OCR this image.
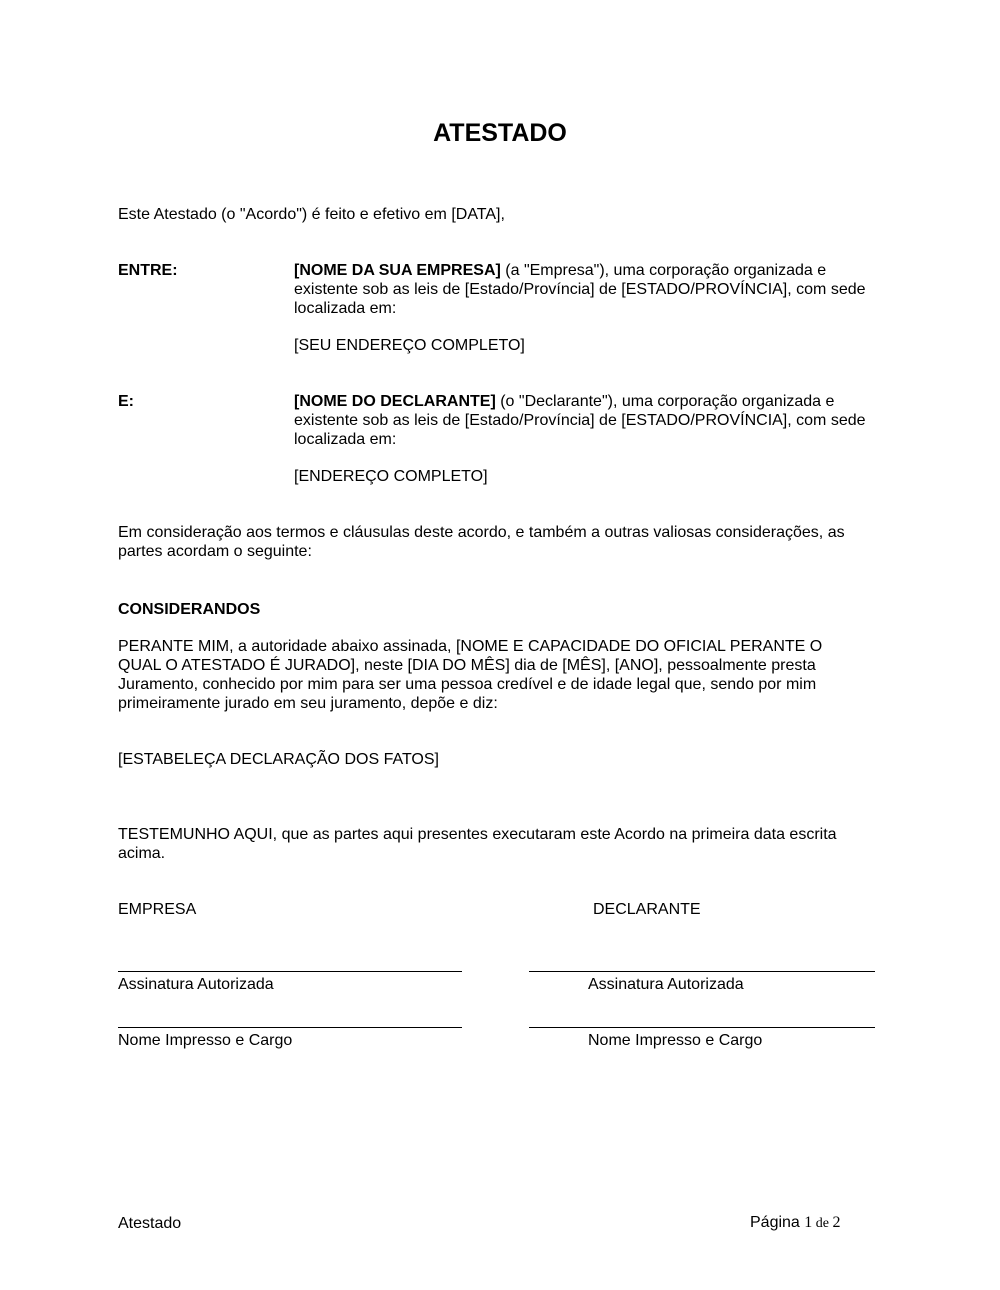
ATESTADO

Este Atestado (o "Acordo") é feito e efetivo em [DATA],

ENTRE:	[NOME DA SUA EMPRESA] (a "Empresa"), uma corporação organizada e existente sob as leis de [Estado/Província] de [ESTADO/PROVÍNCIA], com sede localizada em:

[SEU ENDEREÇO COMPLETO]

E:	[NOME DO DECLARANTE] (o "Declarante"), uma corporação organizada e existente sob as leis de [Estado/Província] de [ESTADO/PROVÍNCIA], com sede localizada em:

[ENDEREÇO COMPLETO]

Em consideração aos termos e cláusulas deste acordo, e também a outras valiosas considerações, as partes acordam o seguinte:

CONSIDERANDOS

PERANTE MIM, a autoridade abaixo assinada, [NOME E CAPACIDADE DO OFICIAL PERANTE O QUAL O ATESTADO É JURADO], neste [DIA DO MÊS] dia de [MÊS], [ANO], pessoalmente presta Juramento, conhecido por mim para ser uma pessoa credível e de idade legal que, sendo por mim primeiramente jurado em seu juramento, depõe e diz:

[ESTABELEÇA DECLARAÇÃO DOS FATOS]

TESTEMUNHO AQUI, que as partes aqui presentes executaram este Acordo na primeira data escrita acima.

EMPRESA	DECLARANTE
Assinatura Autorizada	Assinatura Autorizada
Nome Impresso e Cargo	Nome Impresso e Cargo
Atestado	Página 1 de 2
